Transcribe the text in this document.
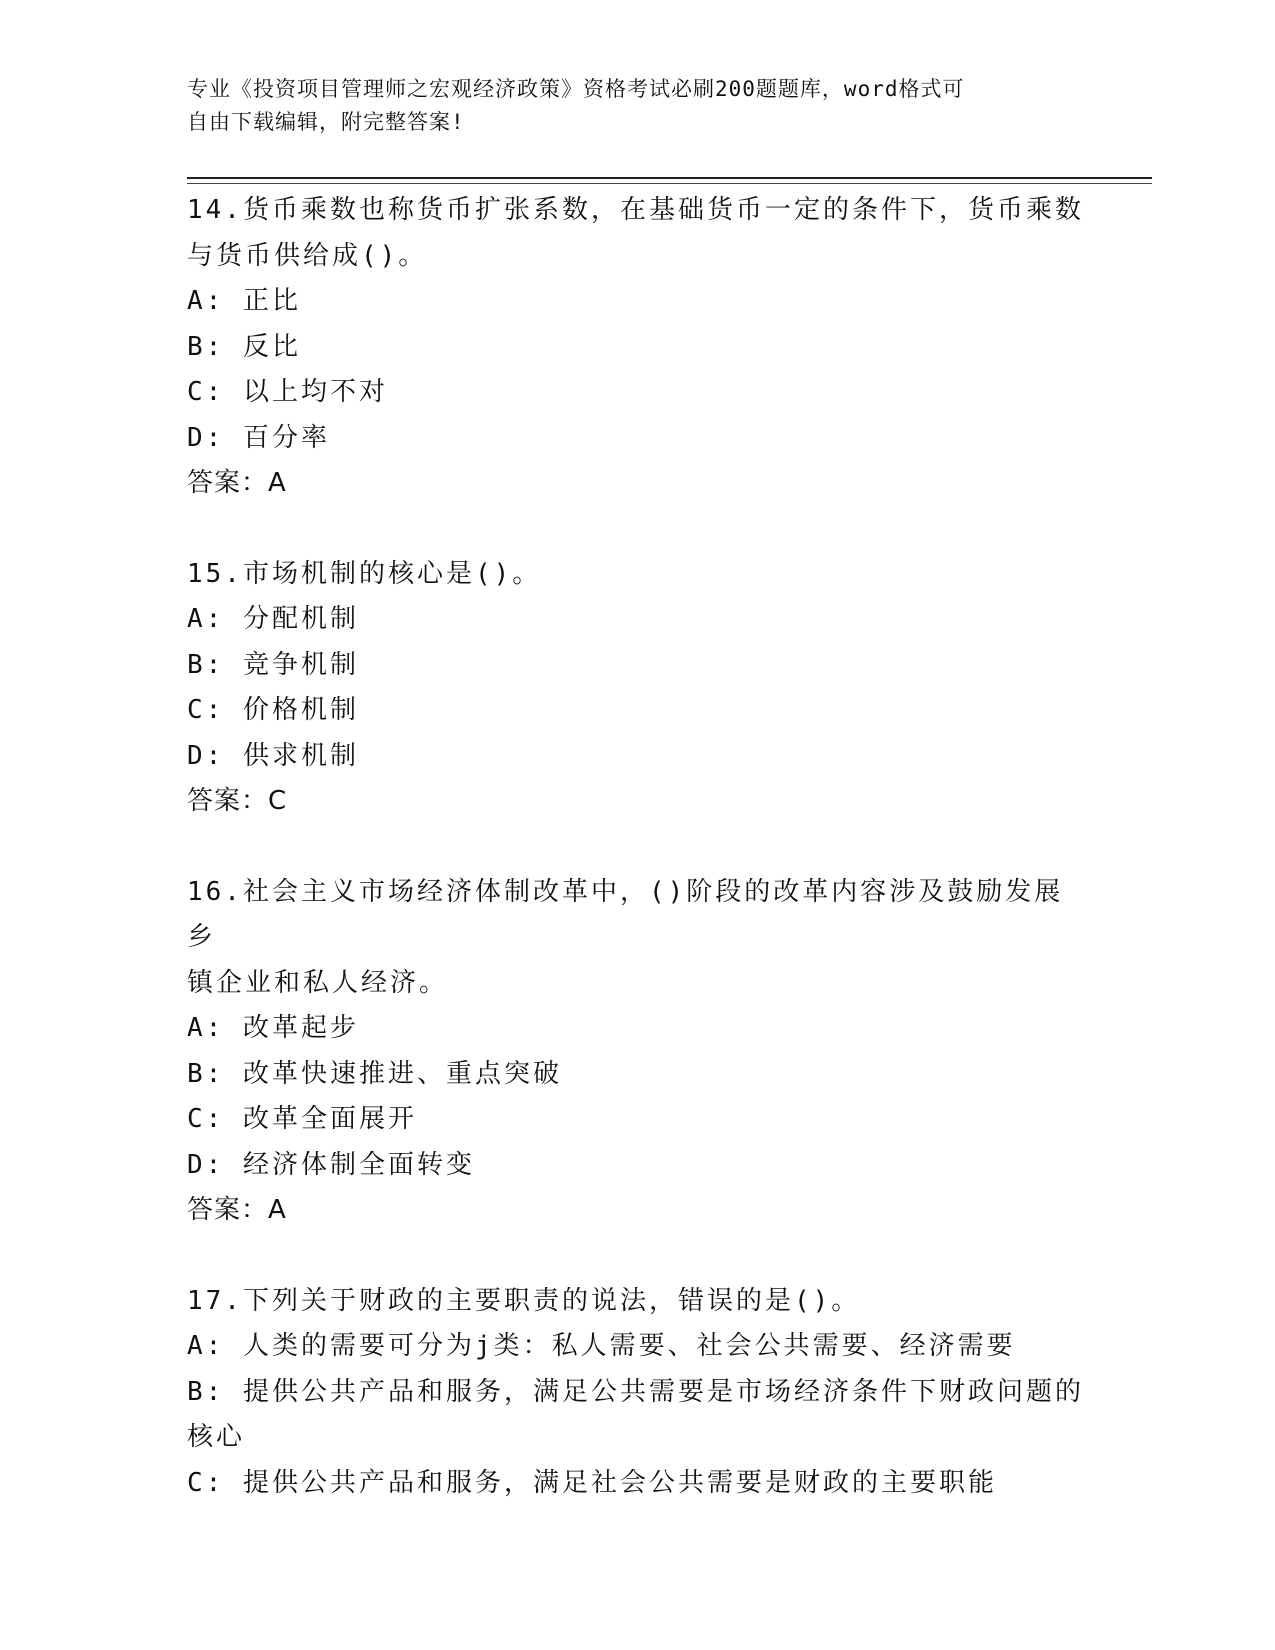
专业《投资项目管理师之宏观经济政策》资格考试必刷200题题库，word格式可
自由下载编辑，附完整答案!
14.货币乘数也称货币扩张系数，在基础货币一定的条件下，货币乘数
与货币供给成()。
A: 正比
B: 反比
C: 以上均不对
D: 百分率
答案：A
15.市场机制的核心是()。
A: 分配机制
B: 竞争机制
C: 价格机制
D: 供求机制
答案：C
16.社会主义市场经济体制改革中，()阶段的改革内容涉及鼓励发展乡
镇企业和私人经济。
A: 改革起步
B: 改革快速推进、重点突破
C: 改革全面展开
D: 经济体制全面转变
答案：A
17.下列关于财政的主要职责的说法，错误的是()。
A: 人类的需要可分为j类：私人需要、社会公共需要、经济需要
B: 提供公共产品和服务，满足公共需要是市场经济条件下财政问题的
核心
C: 提供公共产品和服务，满足社会公共需要是财政的主要职能
